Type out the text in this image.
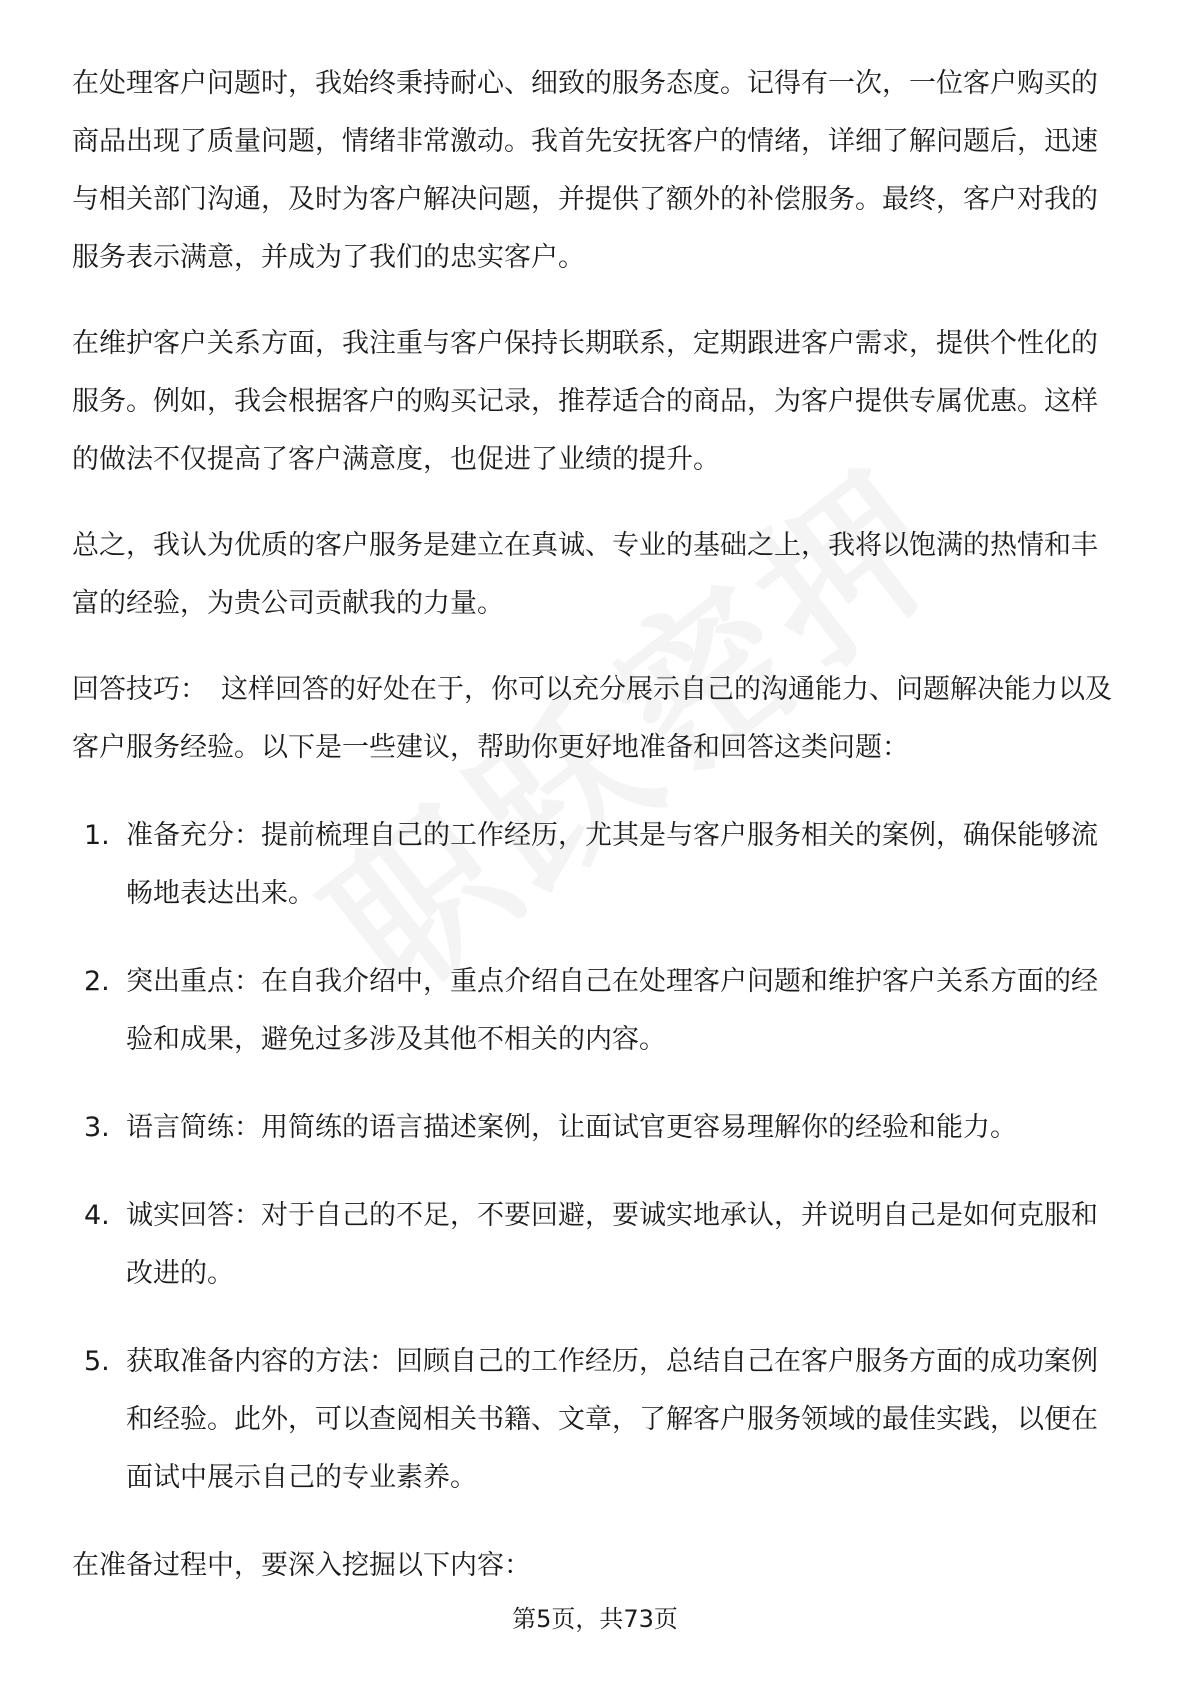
在处理客户问题时，我始终秉持耐心、细致的服务态度。记得有一次，一位客户购买的商品出现了质量问题，情绪非常激动。我首先安抚客户的情绪，详细了解问题后，迅速与相关部门沟通，及时为客户解决问题，并提供了额外的补偿服务。最终，客户对我的服务表示满意，并成为了我们的忠实客户。

在维护客户关系方面，我注重与客户保持长期联系，定期跟进客户需求，提供个性化的服务。例如，我会根据客户的购买记录，推荐适合的商品，为客户提供专属优惠。这样的做法不仅提高了客户满意度，也促进了业绩的提升。

总之，我认为优质的客户服务是建立在真诚、专业的基础之上，我将以饱满的热情和丰富的经验，为贵公司贡献我的力量。

回答技巧： 这样回答的好处在于，你可以充分展示自己的沟通能力、问题解决能力以及客户服务经验。以下是一些建议，帮助你更好地准备和回答这类问题：

1. 准备充分：提前梳理自己的工作经历，尤其是与客户服务相关的案例，确保能够流畅地表达出来。
2. 突出重点：在自我介绍中，重点介绍自己在处理客户问题和维护客户关系方面的经验和成果，避免过多涉及其他不相关的内容。
3. 语言简练：用简练的语言描述案例，让面试官更容易理解你的经验和能力。
4. 诚实回答：对于自己的不足，不要回避，要诚实地承认，并说明自己是如何克服和改进的。
5. 获取准备内容的方法：回顾自己的工作经历，总结自己在客户服务方面的成功案例和经验。此外，可以查阅相关书籍、文章，了解客户服务领域的最佳实践，以便在面试中展示自己的专业素养。

在准备过程中，要深入挖掘以下内容：

第5页，共73页
